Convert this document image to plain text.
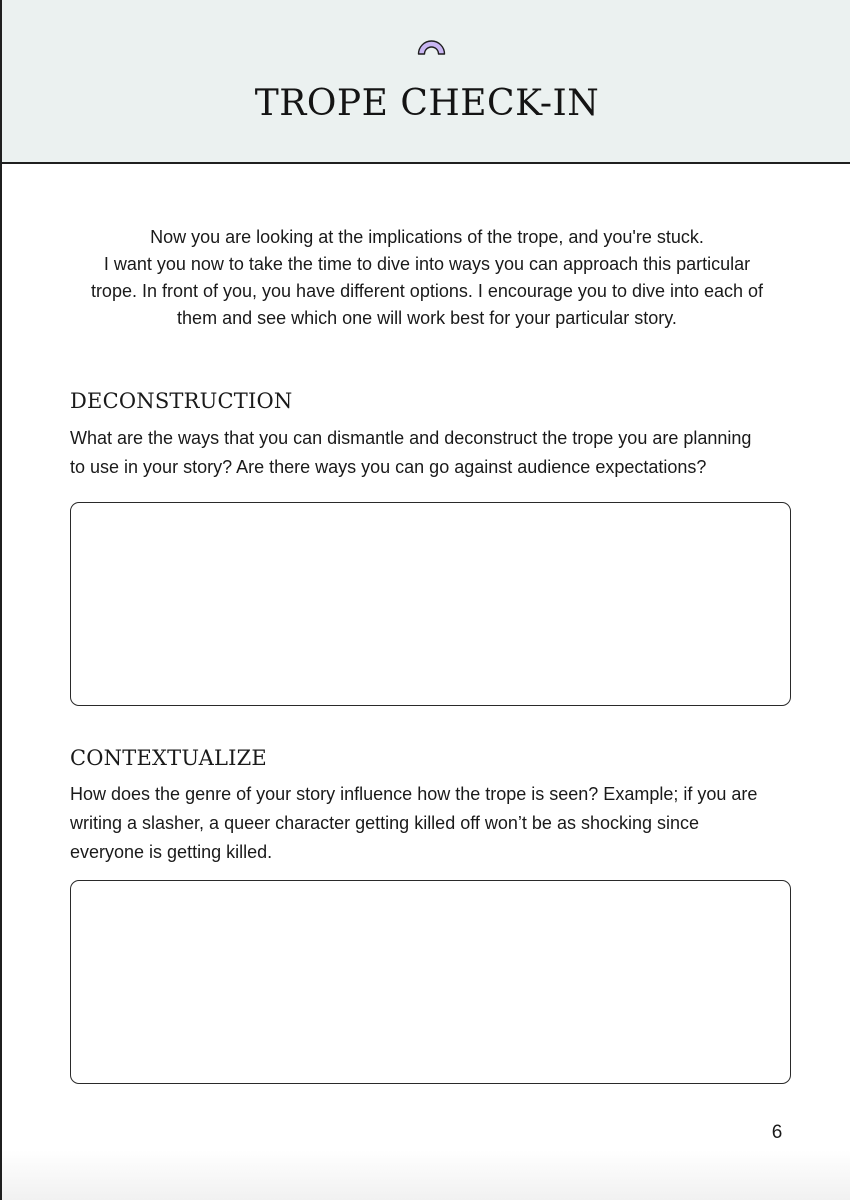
TROPE CHECK-IN
Now you are looking at the implications of the trope, and you're stuck.
I want you now to take the time to dive into ways you can approach this particular
trope. In front of you, you have different options. I encourage you to dive into each of
them and see which one will work best for your particular story.
DECONSTRUCTION
What are the ways that you can dismantle and deconstruct the trope you are planning
to use in your story? Are there ways you can go against audience expectations?
CONTEXTUALIZE
How does the genre of your story influence how the trope is seen? Example; if you are
writing a slasher, a queer character getting killed off won’t be as shocking since
everyone is getting killed.
6
